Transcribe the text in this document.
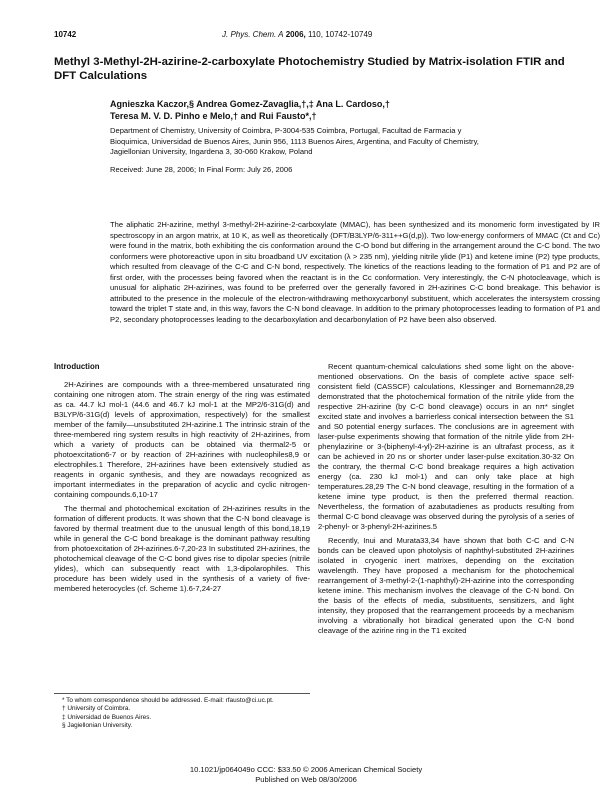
10742	J. Phys. Chem. A 2006, 110, 10742-10749
Methyl 3-Methyl-2H-azirine-2-carboxylate Photochemistry Studied by Matrix-isolation FTIR and DFT Calculations
Agnieszka Kaczor,§ Andrea Gomez-Zavaglia,†,‡ Ana L. Cardoso,†
Teresa M. V. D. Pinho e Melo,† and Rui Fausto*,†
Department of Chemistry, University of Coimbra, P-3004-535 Coimbra, Portugal, Facultad de Farmacia y
Bioquimica, Universidad de Buenos Aires, Junin 956, 1113 Buenos Aires, Argentina, and Faculty of Chemistry,
Jagiellonian University, Ingardena 3, 30-060 Krakow, Poland
Received: June 28, 2006; In Final Form: July 26, 2006
The aliphatic 2H-azirine, methyl 3-methyl-2H-azirine-2-carboxylate (MMAC), has been synthesized and its monomeric form investigated by IR spectroscopy in an argon matrix, at 10 K, as well as theoretically (DFT/B3LYP/6-311++G(d,p)). Two low-energy conformers of MMAC (Ct and Cc) were found in the matrix, both exhibiting the cis conformation around the C-O bond but differing in the arrangement around the C-C bond. The two conformers were photoreactive upon in situ broadband UV excitation (λ > 235 nm), yielding nitrile ylide (P1) and ketene imine (P2) type products, which resulted from cleavage of the C-C and C-N bond, respectively. The kinetics of the reactions leading to the formation of P1 and P2 are of first order, with the processes being favored when the reactant is in the Cc conformation. Very interestingly, the C-N photocleavage, which is unusual for aliphatic 2H-azirines, was found to be preferred over the generally favored in 2H-azirines C-C bond breakage. This behavior is attributed to the presence in the molecule of the electron-withdrawing methoxycarbonyl substituent, which accelerates the intersystem crossing toward the triplet T state and, in this way, favors the C-N bond cleavage. In addition to the primary photoprocesses leading to formation of P1 and P2, secondary photoprocesses leading to the decarboxylation and decarbonylation of P2 have been also observed.
Introduction

2H-Azirines are compounds with a three-membered unsaturated ring containing one nitrogen atom. The strain energy of the ring was estimated as ca. 44.7 kJ mol-1 (44.6 and 46.7 kJ mol-1 at the MP2/6-31G(d) and B3LYP/6-31G(d) levels of approximation, respectively) for the smallest member of the family—unsubstituted 2H-azirine.1 The intrinsic strain of the three-membered ring system results in high reactivity of 2H-azirines, from which a variety of products can be obtained via thermal2-5 or photoexcitation6-7 or by reaction of 2H-azirines with nucleophiles8,9 or electrophiles.1 Therefore, 2H-azirines have been extensively studied as reagents in organic synthesis, and they are nowadays recognized as important intermediates in the preparation of acyclic and cyclic nitrogen-containing compounds.6,10-17

The thermal and photochemical excitation of 2H-azirines results in the formation of different products. It was shown that the C-N bond cleavage is favored by thermal treatment due to the unusual length of this bond,18,19 while in general the C-C bond breakage is the dominant pathway resulting from photoexcitation of 2H-azirines.6-7,20-23 In substituted 2H-azirines, the photochemical cleavage of the C-C bond gives rise to dipolar species (nitrile ylides), which can subsequently react with 1,3-dipolarophiles. This procedure has been widely used in the synthesis of a variety of five-membered heterocycles (cf. Scheme 1).6-7,24-27

Recent quantum-chemical calculations shed some light on the above-mentioned observations. On the basis of complete active space self-consistent field (CASSCF) calculations, Klessinger and Bornemann28,29 demonstrated that the photochemical formation of the nitrile ylide from the respective 2H-azirine (by C-C bond cleavage) occurs in an nπ* singlet excited state and involves a barrierless conical intersection between the S1 and S0 potential energy surfaces. The conclusions are in agreement with laser-pulse experiments showing that formation of the nitrile ylide from 2H-phenylazirine or 3-(biphenyl-4-yl)-2H-azirine is an ultrafast process, as it can be achieved in 20 ns or shorter under laser-pulse excitation.30-32 On the contrary, the thermal C-C bond breakage requires a high activation energy (ca. 230 kJ mol-1) and can only take place at high temperatures.28,29 The C-N bond cleavage, resulting in the formation of a ketene imine type product, is then the preferred thermal reaction. Nevertheless, the formation of azabutadienes as products resulting from thermal C-C bond cleavage was observed during the pyrolysis of a series of 2-phenyl- or 3-phenyl-2H-azirines.5

Recently, Inui and Murata33,34 have shown that both C-C and C-N bonds can be cleaved upon photolysis of naphthyl-substituted 2H-azirines isolated in cryogenic inert matrixes, depending on the excitation wavelength. They have proposed a mechanism for the photochemical rearrangement of 3-methyl-2-(1-naphthyl)-2H-azirine into the corresponding ketene imine. This mechanism involves the cleavage of the C-N bond. On the basis of the effects of media, substituents, sensitizers, and light intensity, they proposed that the rearrangement proceeds by a mechanism involving a vibrationally hot biradical generated upon the C-N bond cleavage of the azirine ring in the T1 excited

* To whom correspondence should be addressed. E-mail: rfausto@ci.uc.pt.
† University of Coimbra.
‡ Universidad de Buenos Aires.
§ Jagiellonian University.
10.1021/jp064049o CCC: $33.50 © 2006 American Chemical Society
Published on Web 08/30/2006
